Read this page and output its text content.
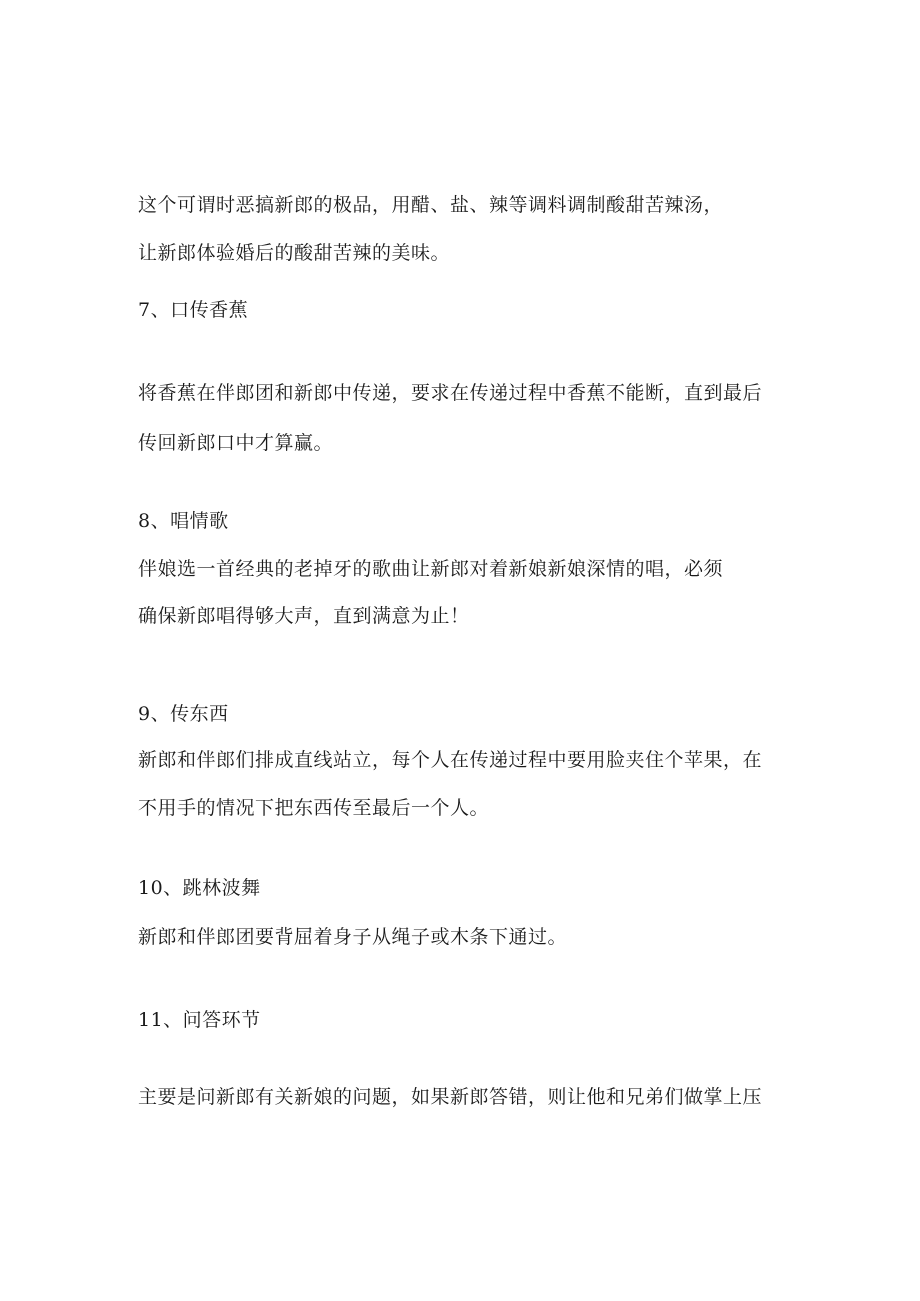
这个可谓时恶搞新郎的极品，用醋、盐、辣等调料调制酸甜苦辣汤，
让新郎体验婚后的酸甜苦辣的美味。
7、口传香蕉
将香蕉在伴郎团和新郎中传递，要求在传递过程中香蕉不能断，直到最后
传回新郎口中才算赢。
8、唱情歌
伴娘选一首经典的老掉牙的歌曲让新郎对着新娘新娘深情的唱，必须
确保新郎唱得够大声，直到满意为止！
9、传东西
新郎和伴郎们排成直线站立，每个人在传递过程中要用脸夹住个苹果，在
不用手的情况下把东西传至最后一个人。
10、跳林波舞
新郎和伴郎团要背屈着身子从绳子或木条下通过。
11、问答环节
主要是问新郎有关新娘的问题，如果新郎答错，则让他和兄弟们做掌上压
